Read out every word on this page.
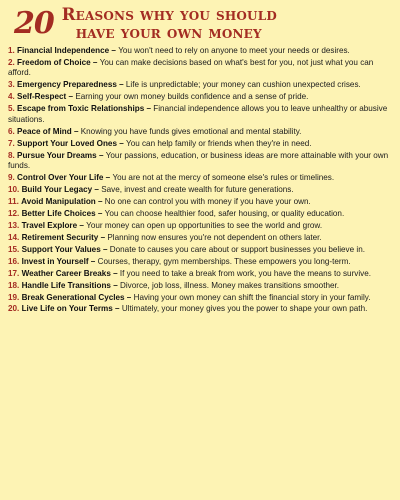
20 Reasons why you should
have your own money
1. Financial Independence – You won't need to rely on anyone to meet your needs or desires.
2. Freedom of Choice – You can make decisions based on what's best for you, not just what you can afford.
3. Emergency Preparedness – Life is unpredictable; your money can cushion unexpected crises.
4. Self-Respect – Earning your own money builds confidence and a sense of pride.
5. Escape from Toxic Relationships – Financial independence allows you to leave unhealthy or abusive situations.
6. Peace of Mind – Knowing you have funds gives emotional and mental stability.
7. Support Your Loved Ones – You can help family or friends when they're in need.
8. Pursue Your Dreams – Your passions, education, or business ideas are more attainable with your own funds.
9. Control Over Your Life – You are not at the mercy of someone else's rules or timelines.
10. Build Your Legacy – Save, invest and create wealth for future generations.
11. Avoid Manipulation – No one can control you with money if you have your own.
12. Better Life Choices – You can choose healthier food, safer housing, or quality education.
13. Travel Explore – Your money can open up opportunities to see the world and grow.
14. Retirement Security – Planning now ensures you're not dependent on others later.
15. Support Your Values – Donate to causes you care about or support businesses you believe in.
16. Invest in Yourself – Courses, therapy, gym memberships. These empowers you long-term.
17. Weather Career Breaks – If you need to take a break from work, you have the means to survive.
18. Handle Life Transitions – Divorce, job loss, illness. Money makes transitions smoother.
19. Break Generational Cycles – Having your own money can shift the financial story in your family.
20. Live Life on Your Terms – Ultimately, your money gives you the power to shape your own path.
